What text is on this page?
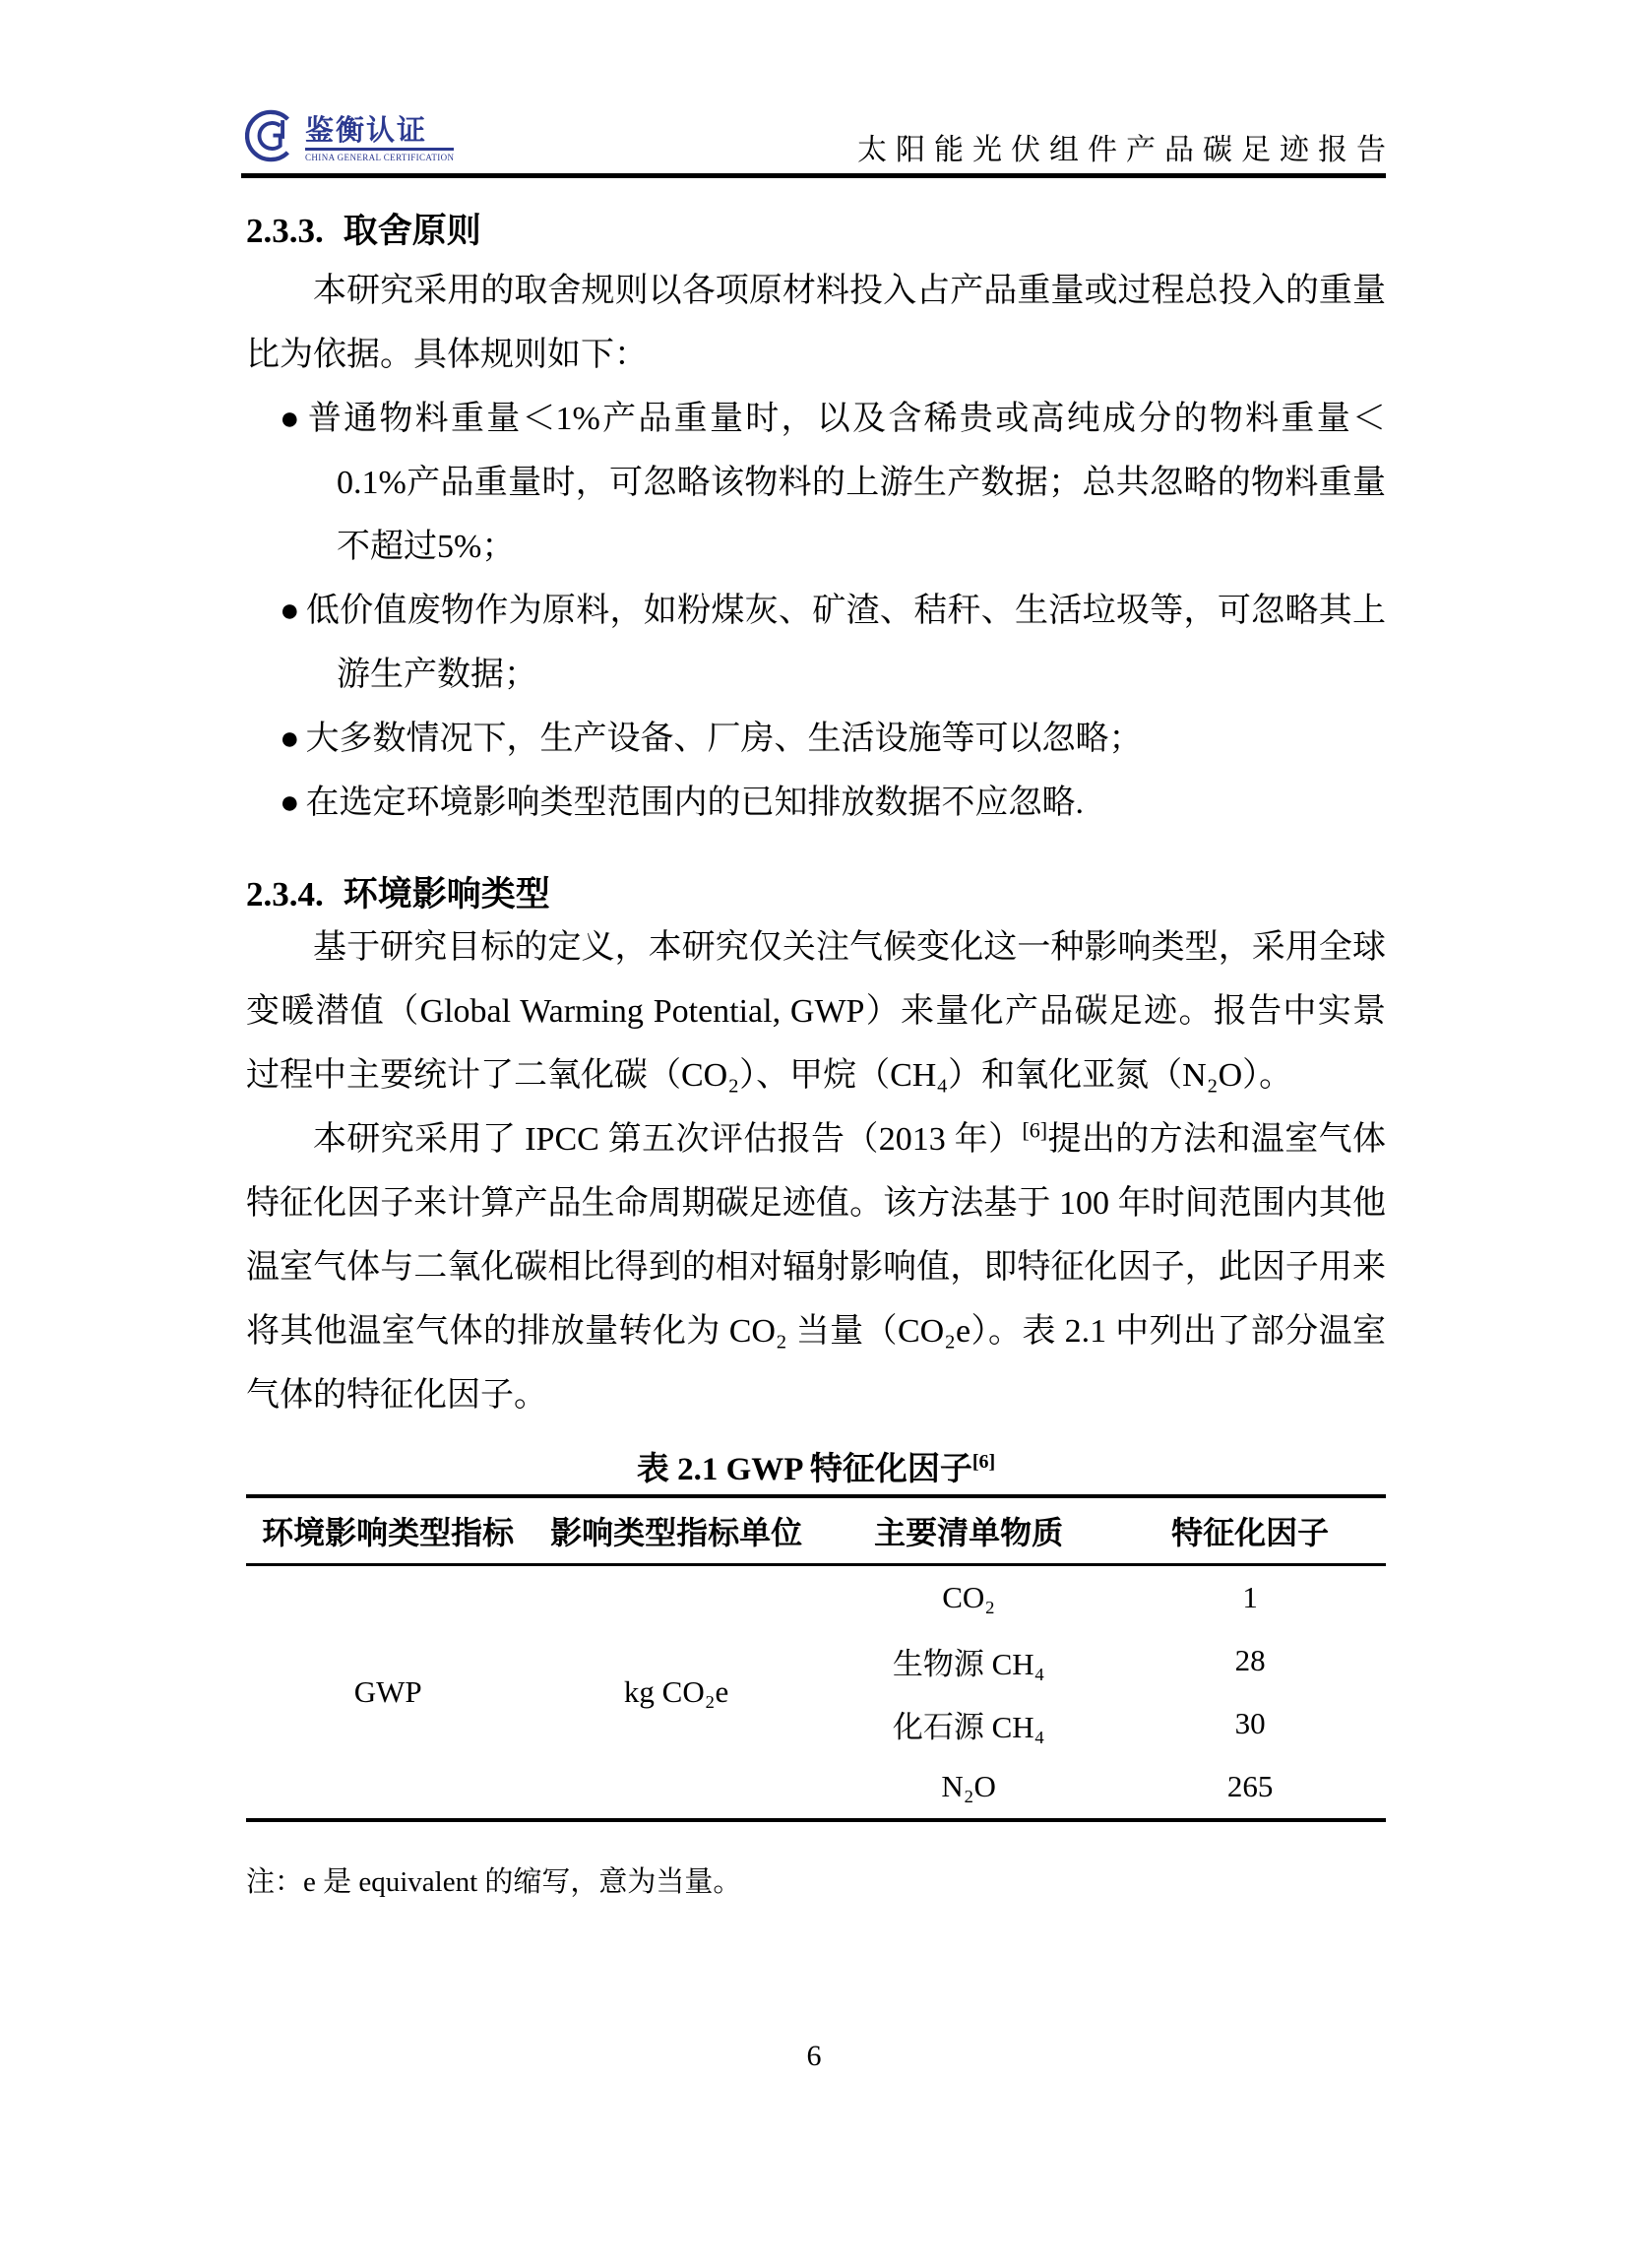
鉴衡认证
CHINA GENERAL CERTIFICATION	太阳能光伏组件产品碳足迹报告
2.3.3. 取舍原则

本研究采用的取舍规则以各项原材料投入占产品重量或过程总投入的重量比为依据。具体规则如下：

● 普通物料重量＜1%产品重量时，以及含稀贵或高纯成分的物料重量＜0.1%产品重量时，可忽略该物料的上游生产数据；总共忽略的物料重量不超过5%；
● 低价值废物作为原料，如粉煤灰、矿渣、秸秆、生活垃圾等，可忽略其上游生产数据；
● 大多数情况下，生产设备、厂房、生活设施等可以忽略；
● 在选定环境影响类型范围内的已知排放数据不应忽略.
2.3.4. 环境影响类型

基于研究目标的定义，本研究仅关注气候变化这一种影响类型，采用全球变暖潜值（Global Warming Potential, GWP）来量化产品碳足迹。报告中实景过程中主要统计了二氧化碳（CO₂）、甲烷（CH₄）和氧化亚氮（N₂O）。

本研究采用了 IPCC 第五次评估报告（2013 年）[6]提出的方法和温室气体特征化因子来计算产品生命周期碳足迹值。该方法基于 100 年时间范围内其他温室气体与二氧化碳相比得到的相对辐射影响值，即特征化因子，此因子用来将其他温室气体的排放量转化为 CO₂ 当量（CO₂e）。表 2.1 中列出了部分温室气体的特征化因子。

表 2.1 GWP 特征化因子[6]
环境影响类型指标	影响类型指标单位	主要清单物质	特征化因子
GWP	kg CO₂e	CO₂	1
		生物源 CH₄	28
		化石源 CH₄	30
		N₂O	265
注：e 是 equivalent 的缩写，意为当量。
6
